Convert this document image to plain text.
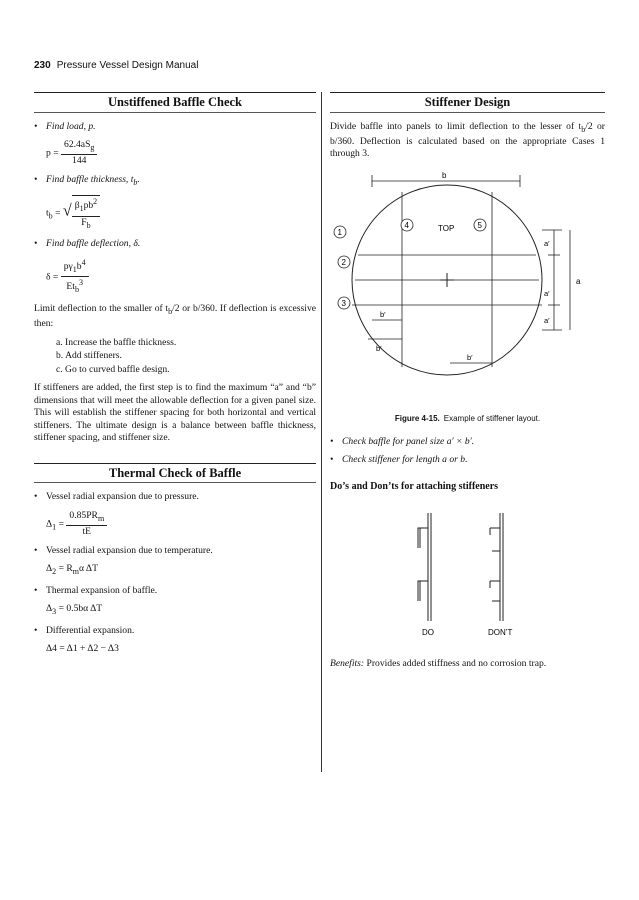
230 Pressure Vessel Design Manual
Unstiffened Baffle Check
• Find load, p.
$p = \frac{62.4aS_g}{144}$
• Find baffle thickness, $t_b$.
$t_b$ = √ $\frac{\beta_1pb^2}{F_b}$
• Find baffle deflection, δ.
$\delta = \frac{p\gamma_1b^4}{Et_b^3}$
Limit deflection to the smaller of $t_b/2$ or b/360. If deflection is excessive then:
a. Increase the baffle thickness.
b. Add stiffeners.
c. Go to curved baffle design.
If stiffeners are added, the first step is to find the maximum “a” and “b” dimensions that will meet the allowable deflection for a given panel size. This will establish the stiffener spacing for both horizontal and vertical stiffeners. The ultimate design is a balance between baffle thickness, stiffener spacing, and stiffener size.
Thermal Check of Baffle
• Vessel radial expansion due to pressure.
$\Delta_1 = \frac{0.85PR_m}{tE}$
• Vessel radial expansion due to temperature.
$\Delta_2 = R_m\alpha$ ΔT
• Thermal expansion of baffle.
$\Delta_3 = 0.5b\alpha$ ΔT
• Differential expansion.
Δ4 = Δ1 + Δ2 − Δ3
Stiffener Design
Divide baffle into panels to limit deflection to the lesser of $t_b/2$ or b/360. Deflection is calculated based on the appropriate Cases 1 through 3.
b
TOP
1
2
3
4	5
a′
a′
a′
a
b′
b′
b′
Figure 4-15. Example of stiffener layout.
• Check baffle for panel size a′ × b′.
• Check stiffener for length a or b.
Do’s and Don’ts for attaching stiffeners
DO	DON’T
Benefits: Provides added stiffness and no corrosion trap.
